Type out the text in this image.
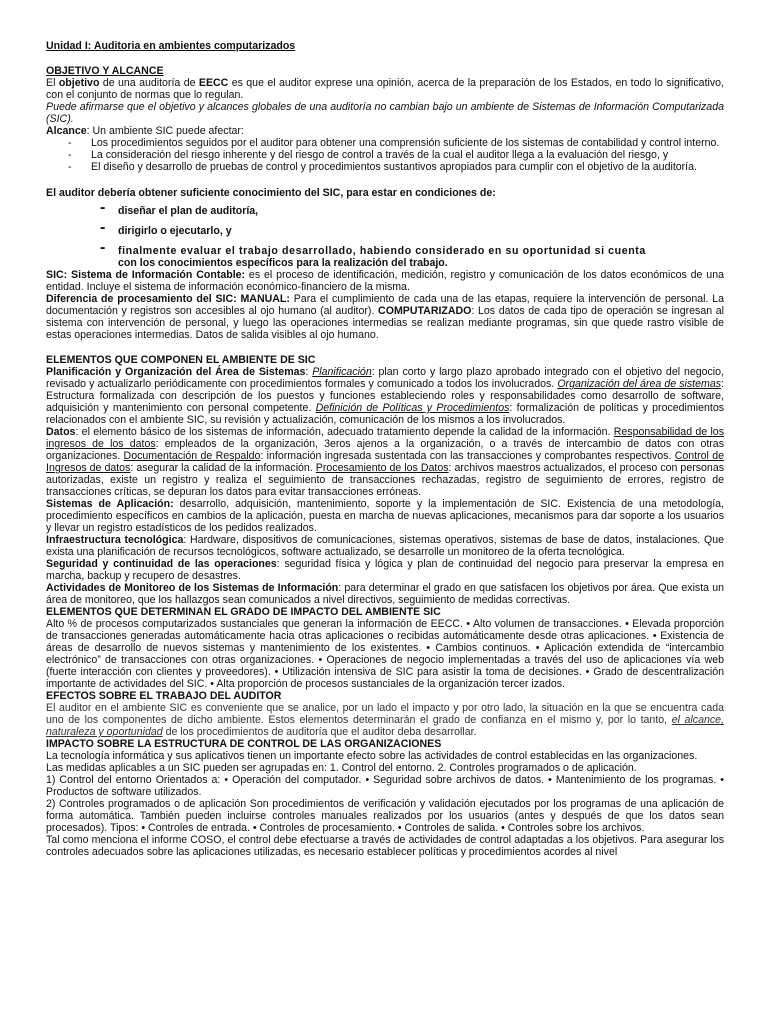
Unidad I: Auditoria en ambientes computarizados

OBJETIVO Y ALCANCE

El objetivo de una auditoría de EECC es que el auditor exprese una opinión, acerca de la preparación de los Estados, en todo lo significativo, con el conjunto de normas que lo regulan.

Puede afirmarse que el objetivo y alcances globales de una auditoría no cambian bajo un ambiente de Sistemas de Información Computarizada (SIC).

Alcance: Un ambiente SIC puede afectar:

- Los procedimientos seguidos por el auditor para obtener una comprensión suficiente de los sistemas de contabilidad y control interno.
- La consideración del riesgo inherente y del riesgo de control a través de la cual el auditor llega a la evaluación del riesgo, y
- El diseño y desarrollo de pruebas de control y procedimientos sustantivos apropiados para cumplir con el objetivo de la auditoría.

El auditor debería obtener suficiente conocimiento del SIC, para estar en condiciones de:

- diseñar el plan de auditoría,
- dirigirlo o ejecutarlo, y
- finalmente evaluar el trabajo desarrollado, habiendo considerado en su oportunidad si cuenta

con los conocimientos específicos para la realización del trabajo.

SIC: Sistema de Información Contable: es el proceso de identificación, medición, registro y comunicación de los datos económicos de una entidad. Incluye el sistema de información económico-financiero de la misma.

Diferencia de procesamiento del SIC: MANUAL: Para el cumplimiento de cada una de las etapas, requiere la intervención de personal. La documentación y registros son accesibles al ojo humano (al auditor). COMPUTARIZADO: Los datos de cada tipo de operación se ingresan al sistema con intervención de personal, y luego las operaciones intermedias se realizan mediante programas, sin que quede rastro visible de estas operaciones intermedias. Datos de salida visibles al ojo humano.

ELEMENTOS QUE COMPONEN EL AMBIENTE DE SIC

Planificación y Organización del Área de Sistemas: Planificación: plan corto y largo plazo aprobado integrado con el objetivo del negocio, revisado y actualizarlo periódicamente con procedimientos formales y comunicado a todos los involucrados. Organización del área de sistemas: Estructura formalizada con descripción de los puestos y funciones estableciendo roles y responsabilidades como desarrollo de software, adquisición y mantenimiento con personal competente. Definición de Políticas y Procedimientos: formalización de políticas y procedimientos relacionados con el ambiente SIC, su revisión y actualización, comunicación de los mismos a los involucrados.

Datos: el elemento básico de los sistemas de información, adecuado tratamiento depende la calidad de la información. Responsabilidad de los ingresos de los datos: empleados de la organización, 3eros ajenos a la organización, o a través de intercambio de datos con otras organizaciones. Documentación de Respaldo: información ingresada sustentada con las transacciones y comprobantes respectivos. Control de Ingresos de datos: asegurar la calidad de la información. Procesamiento de los Datos: archivos maestros actualizados, el proceso con personas autorizadas, existe un registro y realiza el seguimiento de transacciones rechazadas, registro de seguimiento de errores, registro de transacciones críticas, se depuran los datos para evitar transacciones erróneas.

Sistemas de Aplicación: desarrollo, adquisición, mantenimiento, soporte y la implementación de SIC. Existencia de una metodología, procedimiento específicos en cambios de la aplicación, puesta en marcha de nuevas aplicaciones, mecanismos para dar soporte a los usuarios y llevar un registro estadísticos de los pedidos realizados.

Infraestructura tecnológica: Hardware, dispositivos de comunicaciones, sistemas operativos, sistemas de base de datos, instalaciones. Que exista una planificación de recursos tecnológicos, software actualizado, se desarrolle un monitoreo de la oferta tecnológica.

Seguridad y continuidad de las operaciones: seguridad física y lógica y plan de continuidad del negocio para preservar la empresa en marcha, backup y recupero de desastres.

Actividades de Monitoreo de los Sistemas de Información: para determinar el grado en que satisfacen los objetivos por área. Que exista un área de monitoreo, que los hallazgos sean comunicados a nivel directivos, seguimiento de medidas correctivas.

ELEMENTOS QUE DETERMINAN EL GRADO DE IMPACTO DEL AMBIENTE SIC

Alto % de procesos computarizados sustanciales que generan la información de EECC. • Alto volumen de transacciones. • Elevada proporción de transacciones generadas automáticamente hacia otras aplicaciones o recibidas automáticamente desde otras aplicaciones. • Existencia de áreas de desarrollo de nuevos sistemas y mantenimiento de los existentes. • Cambios continuos. • Aplicación extendida de “intercambio electrónico” de transacciones con otras organizaciones. • Operaciones de negocio implementadas a través del uso de aplicaciones vía web (fuerte interacción con clientes y proveedores). • Utilización intensiva de SIC para asistir la toma de decisiones. • Grado de descentralización importante de actividades del SIC. • Alta proporción de procesos sustanciales de la organización tercer izados.

EFECTOS SOBRE EL TRABAJO DEL AUDITOR

El auditor en el ambiente SIC es conveniente que se analice, por un lado el impacto y por otro lado, la situación en la que se encuentra cada uno de los componentes de dicho ambiente. Estos elementos determinarán el grado de confianza en el mismo y, por lo tanto, el alcance, naturaleza y oportunidad de los procedimientos de auditoría que el auditor deba desarrollar.

IMPACTO SOBRE LA ESTRUCTURA DE CONTROL DE LAS ORGANIZACIONES

La tecnología informática y sus aplicativos tienen un importante efecto sobre las actividades de control establecidas en las organizaciones.

Las medidas aplicables a un SIC pueden ser agrupadas en: 1. Control del entorno. 2. Controles programados o de aplicación.

1) Control del entorno Orientados a: • Operación del computador. • Seguridad sobre archivos de datos. • Mantenimiento de los programas. • Productos de software utilizados.

2) Controles programados o de aplicación Son procedimientos de verificación y validación ejecutados por los programas de una aplicación de forma automática. También pueden incluirse controles manuales realizados por los usuarios (antes y después de que los datos sean procesados). Tipos: • Controles de entrada. • Controles de procesamiento. • Controles de salida. • Controles sobre los archivos.

Tal como menciona el informe COSO, el control debe efectuarse a través de actividades de control adaptadas a los objetivos. Para asegurar los controles adecuados sobre las aplicaciones utilizadas, es necesario establecer políticas y procedimientos acordes al nivel
